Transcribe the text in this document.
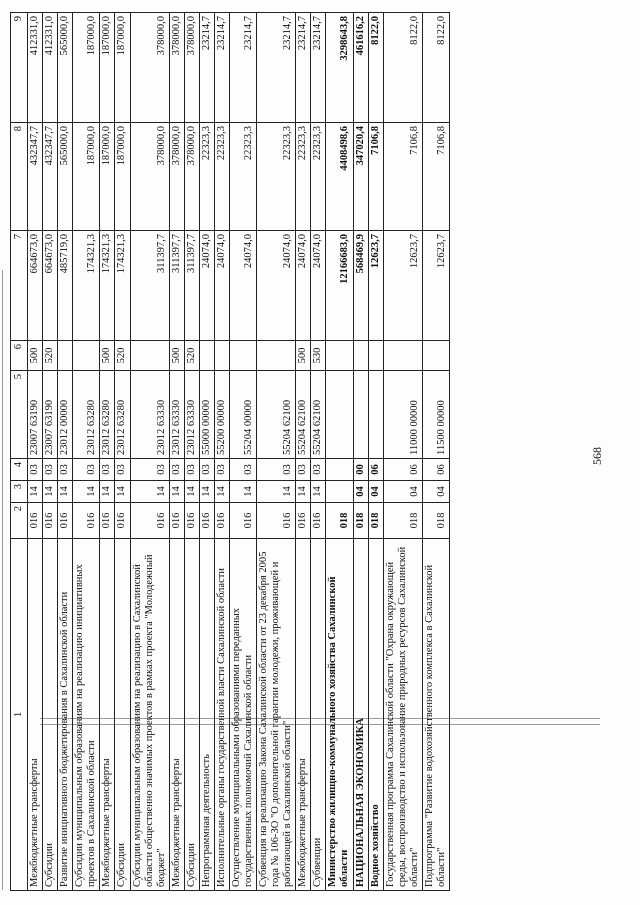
568
1	2	3	4	5	6	7	8	9
Межбюджетные трансферты	016	14	03	23007 63190	500	664673,0	432347,7	412331,0
Субсидии	016	14	03	23007 63190	520	664673,0	432347,7	412331,0
Развитие инициативного бюджетирования в Сахалинской области	016	14	03	23012 00000		485719,0	565000,0	565000,0
Субсидии муниципальным образованиям на реализацию инициативных проектов в Сахалинской области	016	14	03	23012 63280		174321,3	187000,0	187000,0
Межбюджетные трансферты	016	14	03	23012 63280	500	174321,3	187000,0	187000,0
Субсидии	016	14	03	23012 63280	520	174321,3	187000,0	187000,0
Субсидии муниципальным образованиям на реализацию в Сахалинской области общественно значимых проектов в рамках проекта "Молодежный бюджет"	016	14	03	23012 63330		311397,7	378000,0	378000,0
Межбюджетные трансферты	016	14	03	23012 63330	500	311397,7	378000,0	378000,0
Субсидии	016	14	03	23012 63330	520	311397,7	378000,0	378000,0
Непрограммная деятельность	016	14	03	55000 00000		24074,0	22323,3	23214,7
Исполнительные органы государственной власти Сахалинской области	016	14	03	55200 00000		24074,0	22323,3	23214,7
Осуществление муниципальными образованиями переданных государственных полномочий Сахалинской области	016	14	03	55204 00000		24074,0	22323,3	23214,7
Субвенция на реализацию Закона Сахалинской области от 23 декабря 2005 года № 106-ЗО "О дополнительной гарантии молодежи, проживающей и работающей в Сахалинской области"	016	14	03	55204 62100		24074,0	22323,3	23214,7
Межбюджетные трансферты	016	14	03	55204 62100	500	24074,0	22323,3	23214,7
Субвенции	016	14	03	55204 62100	530	24074,0	22323,3	23214,7
Министерство жилищно-коммунального хозяйства Сахалинской области	018					12166683,0	4408498,6	3298643,8
НАЦИОНАЛЬНАЯ ЭКОНОМИКА	018	04	00			568469,9	347020,4	461616,2
Водное хозяйство	018	04	06			12623,7	7106,8	8122,0
Государственная программа Сахалинской области "Охрана окружающей среды, воспроизводство и использование природных ресурсов Сахалинской области"	018	04	06	11000 00000		12623,7	7106,8	8122,0
Подпрограмма "Развитие водохозяйственного комплекса в Сахалинской области"	018	04	06	11500 00000		12623,7	7106,8	8122,0
